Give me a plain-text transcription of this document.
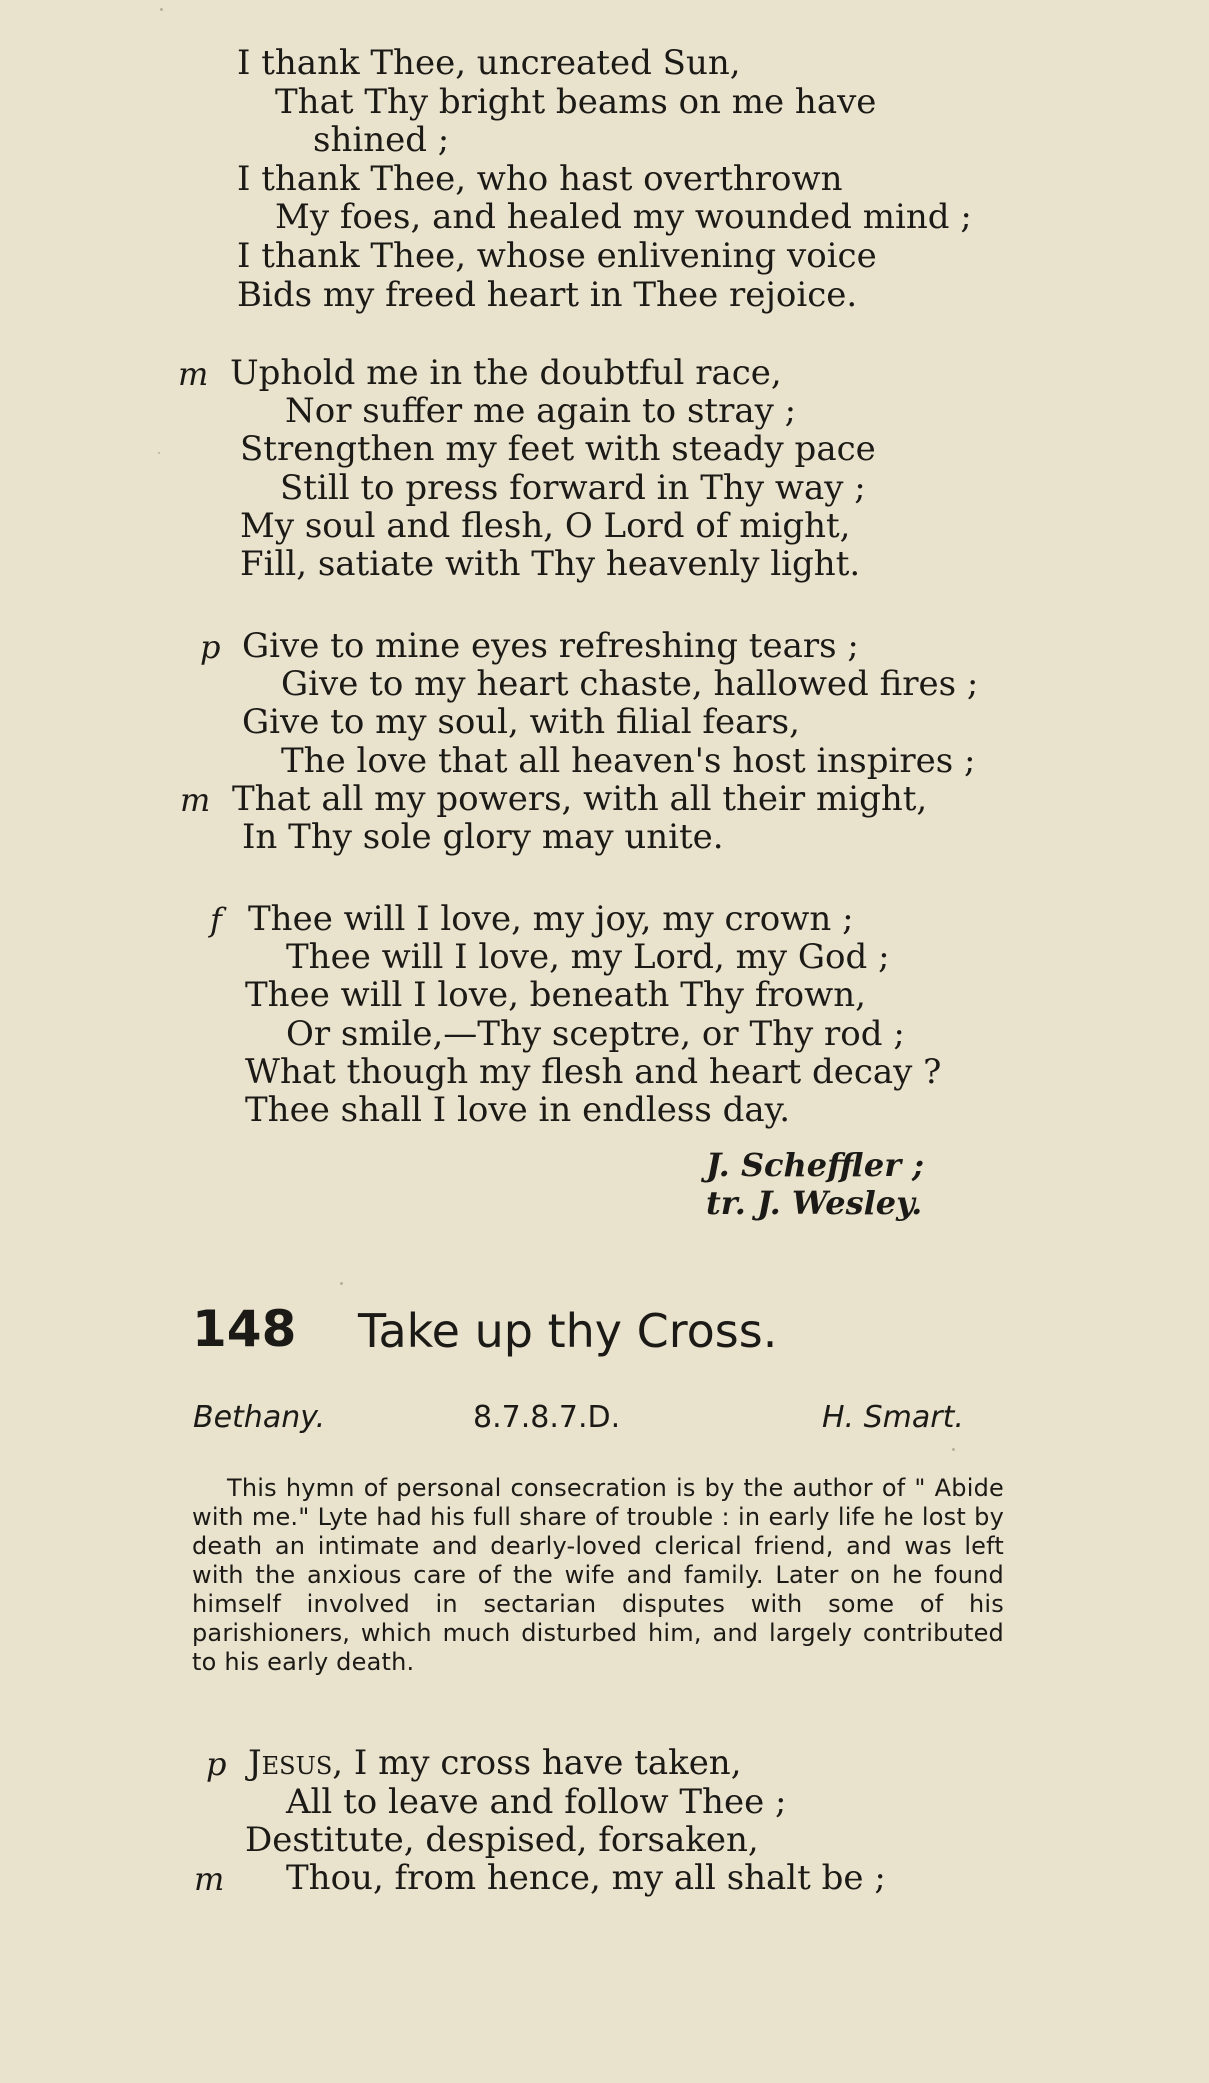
I thank Thee, uncreated Sun,
That Thy bright beams on me have
shined ;
I thank Thee, who hast overthrown
My foes, and healed my wounded mind ;
I thank Thee, whose enlivening voice
Bids my freed heart in Thee rejoice.
m Uphold me in the doubtful race,
Nor suffer me again to stray ;
Strengthen my feet with steady pace
Still to press forward in Thy way ;
My soul and flesh, O Lord of might,
Fill, satiate with Thy heavenly light.
p Give to mine eyes refreshing tears ;
Give to my heart chaste, hallowed fires ;
Give to my soul, with filial fears,
The love that all heaven's host inspires ;
m That all my powers, with all their might,
In Thy sole glory may unite.
f Thee will I love, my joy, my crown ;
Thee will I love, my Lord, my God ;
Thee will I love, beneath Thy frown,
Or smile,—Thy sceptre, or Thy rod ;
What though my flesh and heart decay ?
Thee shall I love in endless day.
J. Scheffler ;
tr. J. Wesley.
148 Take up thy Cross.
Bethany.	8.7.8.7.D.	H. Smart.
This hymn of personal consecration is by the author of " Abide with me." Lyte had his full share of trouble : in early life he lost by death an intimate and dearly-loved clerical friend, and was left with the anxious care of the wife and family. Later on he found himself involved in sectarian disputes with some of his parishioners, which much disturbed him, and largely contributed to his early death.
p Jesus, I my cross have taken,
All to leave and follow Thee ;
Destitute, despised, forsaken,
m Thou, from hence, my all shalt be ;
